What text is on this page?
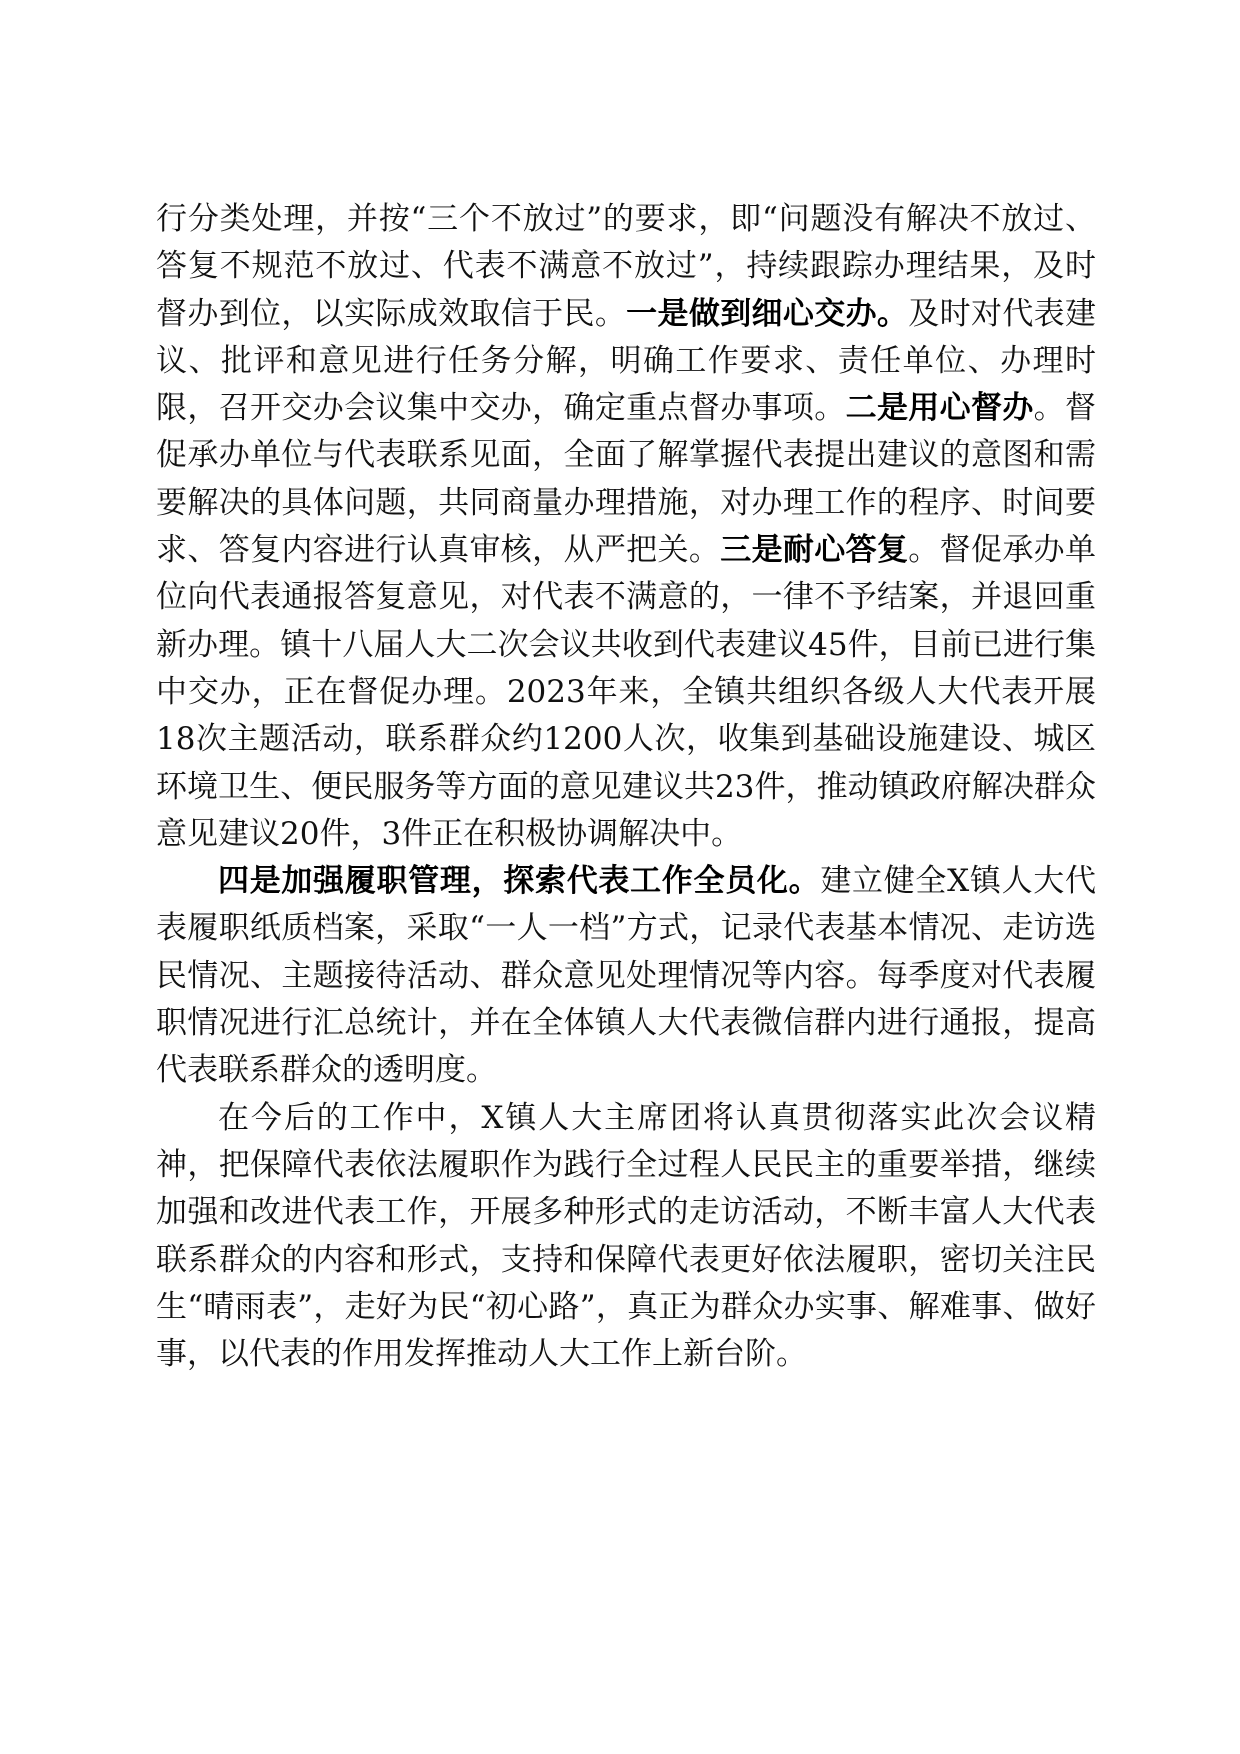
行分类处理，并按“三个不放过”的要求，即“问题没有解决不放过、答复不规范不放过、代表不满意不放过”，持续跟踪办理结果，及时督办到位，以实际成效取信于民。一是做到细心交办。及时对代表建议、批评和意见进行任务分解，明确工作要求、责任单位、办理时限，召开交办会议集中交办，确定重点督办事项。二是用心督办。督促承办单位与代表联系见面，全面了解掌握代表提出建议的意图和需要解决的具体问题，共同商量办理措施，对办理工作的程序、时间要求、答复内容进行认真审核，从严把关。三是耐心答复。督促承办单位向代表通报答复意见，对代表不满意的，一律不予结案，并退回重新办理。镇十八届人大二次会议共收到代表建议45件，目前已进行集中交办，正在督促办理。2023年来，全镇共组织各级人大代表开展18次主题活动，联系群众约1200人次，收集到基础设施建设、城区环境卫生、便民服务等方面的意见建议共23件，推动镇政府解决群众意见建议20件，3件正在积极协调解决中。

四是加强履职管理，探索代表工作全员化。建立健全X镇人大代表履职纸质档案，采取“一人一档”方式，记录代表基本情况、走访选民情况、主题接待活动、群众意见处理情况等内容。每季度对代表履职情况进行汇总统计，并在全体镇人大代表微信群内进行通报，提高代表联系群众的透明度。

在今后的工作中，X镇人大主席团将认真贯彻落实此次会议精神，把保障代表依法履职作为践行全过程人民民主的重要举措，继续加强和改进代表工作，开展多种形式的走访活动，不断丰富人大代表联系群众的内容和形式，支持和保障代表更好依法履职，密切关注民生“晴雨表”，走好为民“初心路”，真正为群众办实事、解难事、做好事，以代表的作用发挥推动人大工作上新台阶。
